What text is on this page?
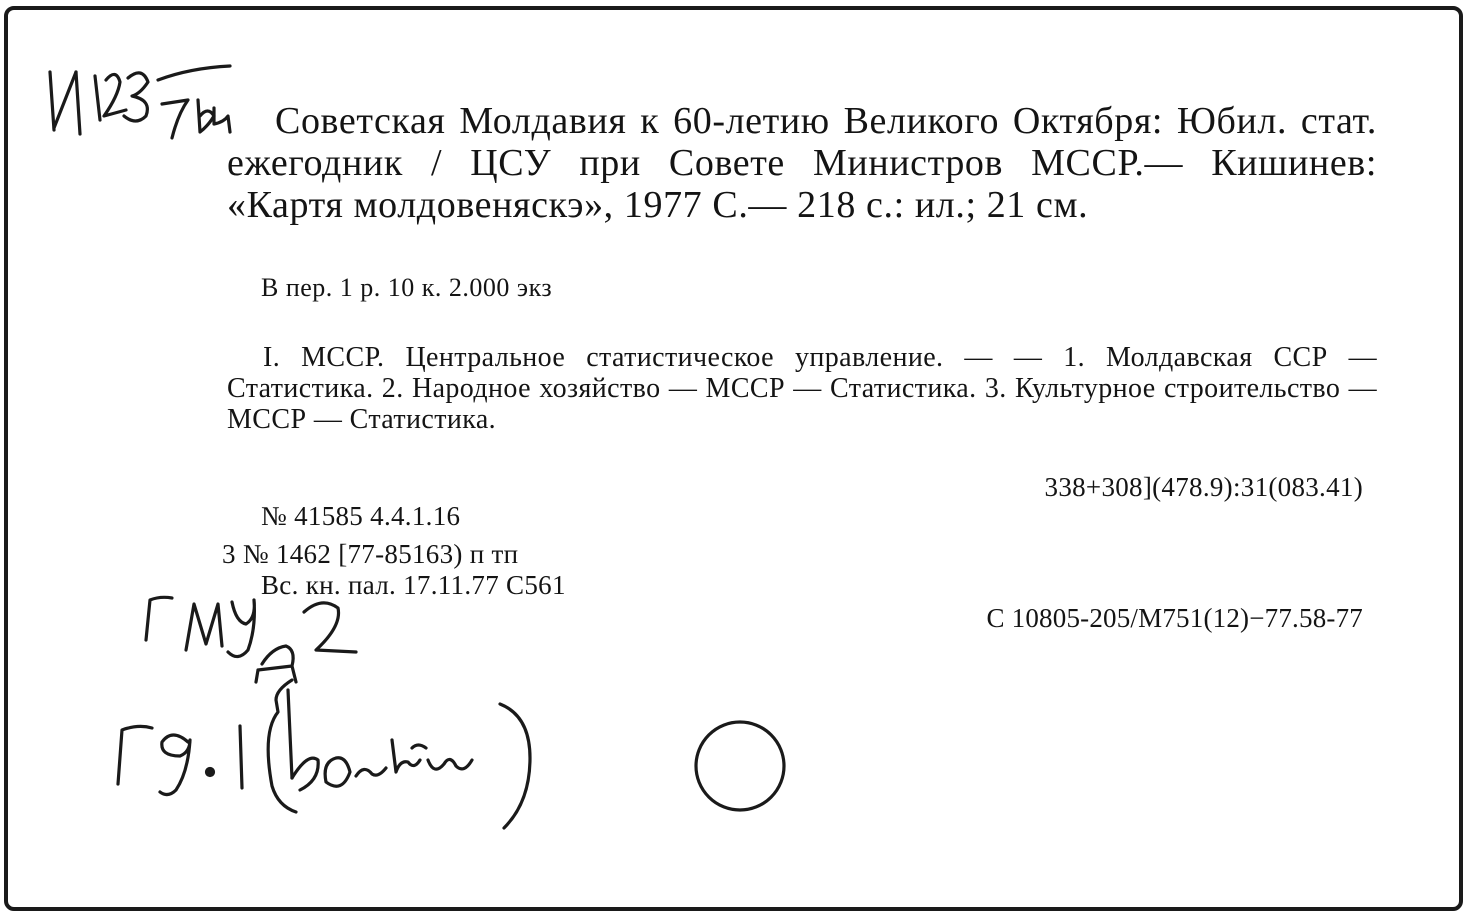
Советская Молдавия к 60-летию Великого Октября: Юбил. стат. ежегодник / ЦСУ при Совете Министров МССР.— Кишинев: «Картя молдовеняскэ», 1977 С.— 218 с.: ил.; 21 см.

В пер. 1 р. 10 к. 2.000 экз

I. МССР. Центральное статистическое управление. — — 1. Молдавская ССР — Статистика. 2. Народное хозяйство — МССР — Статистика. 3. Культурное строительство — МССР — Статистика.

338+308](478.9):31(083.41)

№ 41585 4.4.1.16

3 № 1462 [77-85163) п тп

Вс. кн. пал. 17.11.77 С561

С 10805-205/М751(12)−77.58-77
